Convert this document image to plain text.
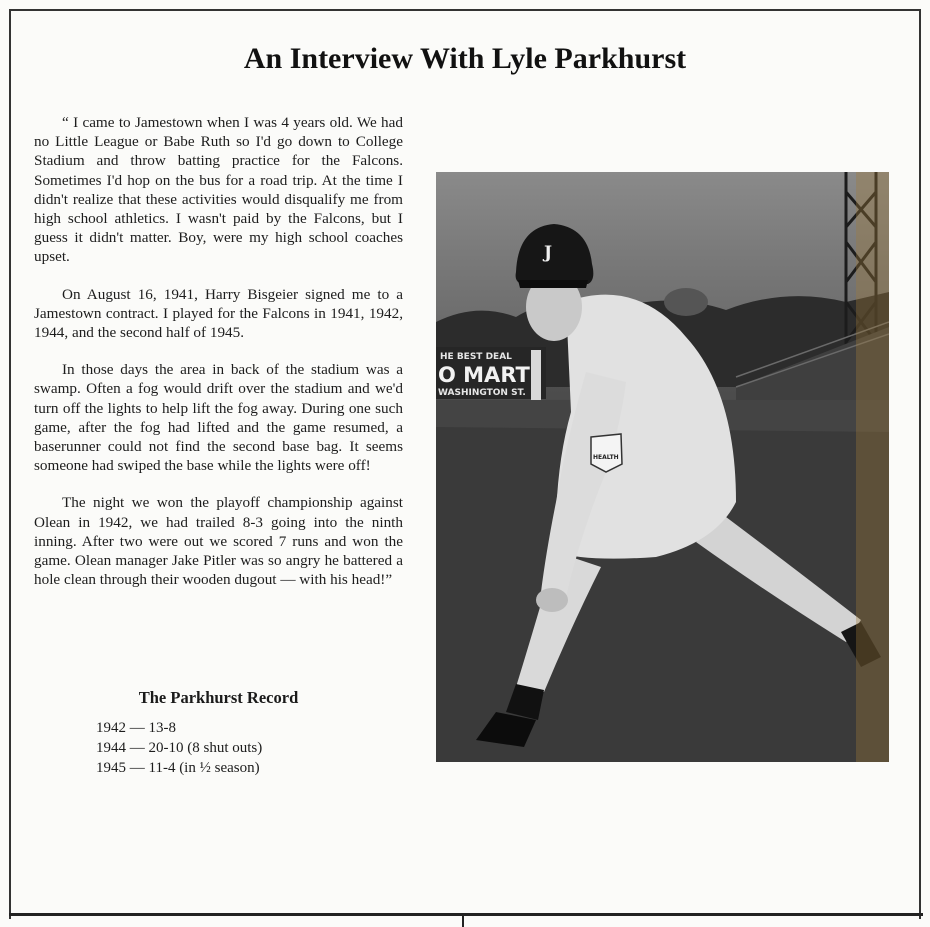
An Interview With Lyle Parkhurst

“ I came to Jamestown when I was 4 years old. We had no Little League or Babe Ruth so I'd go down to College Stadium and throw batting practice for the Falcons. Sometimes I'd hop on the bus for a road trip. At the time I didn't realize that these activities would disqualify me from high school athletics. I wasn't paid by the Falcons, but I guess it didn't matter. Boy, were my high school coaches upset.

On August 16, 1941, Harry Bisgeier signed me to a Jamestown contract. I played for the Falcons in 1941, 1942, 1944, and the second half of 1945.

In those days the area in back of the stadium was a swamp. Often a fog would drift over the stadium and we'd turn off the lights to help lift the fog away. During one such game, after the fog had lifted and the game resumed, a baserunner could not find the second base bag. It seems someone had swiped the base while the lights were off!

The night we won the playoff championship against Olean in 1942, we had trailed 8-3 going into the ninth inning. After two were out we scored 7 runs and won the game. Olean manager Jake Pitler was so angry he battered a hole clean through their wooden dugout — with his head!”

The Parkhurst Record
1942 — 13-8
1944 — 20-10 (8 shut outs)
1945 — 11-4 (in ½ season)
HE BEST DEAL
O MART
WASHINGTON ST.
HEALTH
J
